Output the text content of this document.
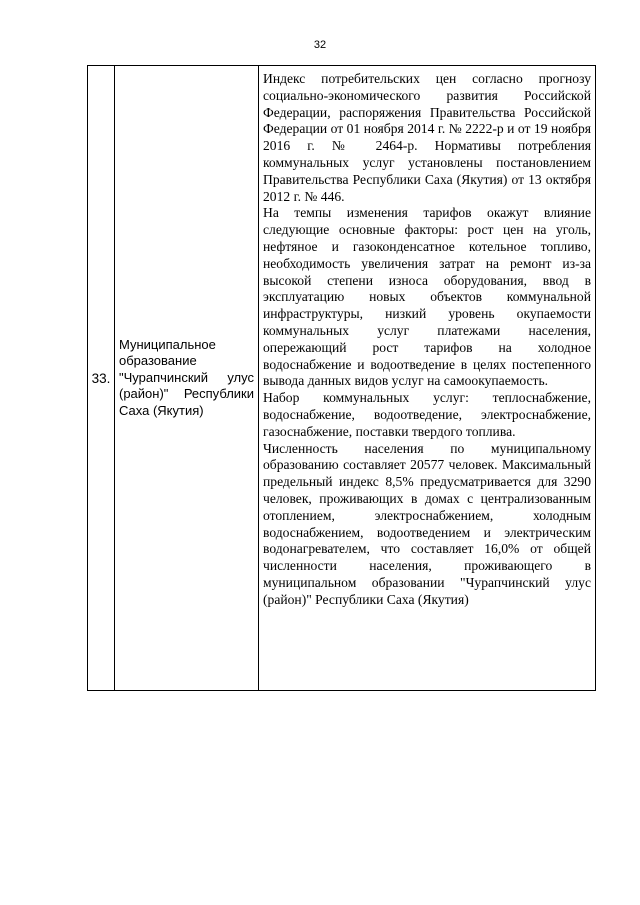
32
33.	Муниципальное образование "Чурапчинский улус (район)" Республики Саха (Якутия)	

Индекс потребительских цен согласно прогнозу социально-экономического развития Российской Федерации, распоряжения Правительства Российской Федерации от 01 ноября 2014 г. № 2222-р и от 19 ноября 2016 г. № 2464-р. Нормативы потребления коммунальных услуг установлены постановлением Правительства Республики Саха (Якутия) от 13 октября 2012 г. № 446.

На темпы изменения тарифов окажут влияние следующие основные факторы: рост цен на уголь, нефтяное и газоконденсатное котельное топливо, необходимость увеличения затрат на ремонт из-за высокой степени износа оборудования, ввод в эксплуатацию новых объектов коммунальной инфраструктуры, низкий уровень окупаемости коммунальных услуг платежами населения, опережающий рост тарифов на холодное водоснабжение и водоотведение в целях постепенного вывода данных видов услуг на самоокупаемость.

Набор коммунальных услуг: теплоснабжение, водоснабжение, водоотведение, электроснабжение, газоснабжение, поставки твердого топлива.

Численность населения по муниципальному образованию составляет 20577 человек. Максимальный предельный индекс 8,5% предусматривается для 3290 человек, проживающих в домах с централизованным отоплением, электроснабжением, холодным водоснабжением, водоотведением и электрическим водонагревателем, что составляет 16,0% от общей численности населения, проживающего в муниципальном образовании "Чурапчинский улус (район)" Республики Саха (Якутия)
